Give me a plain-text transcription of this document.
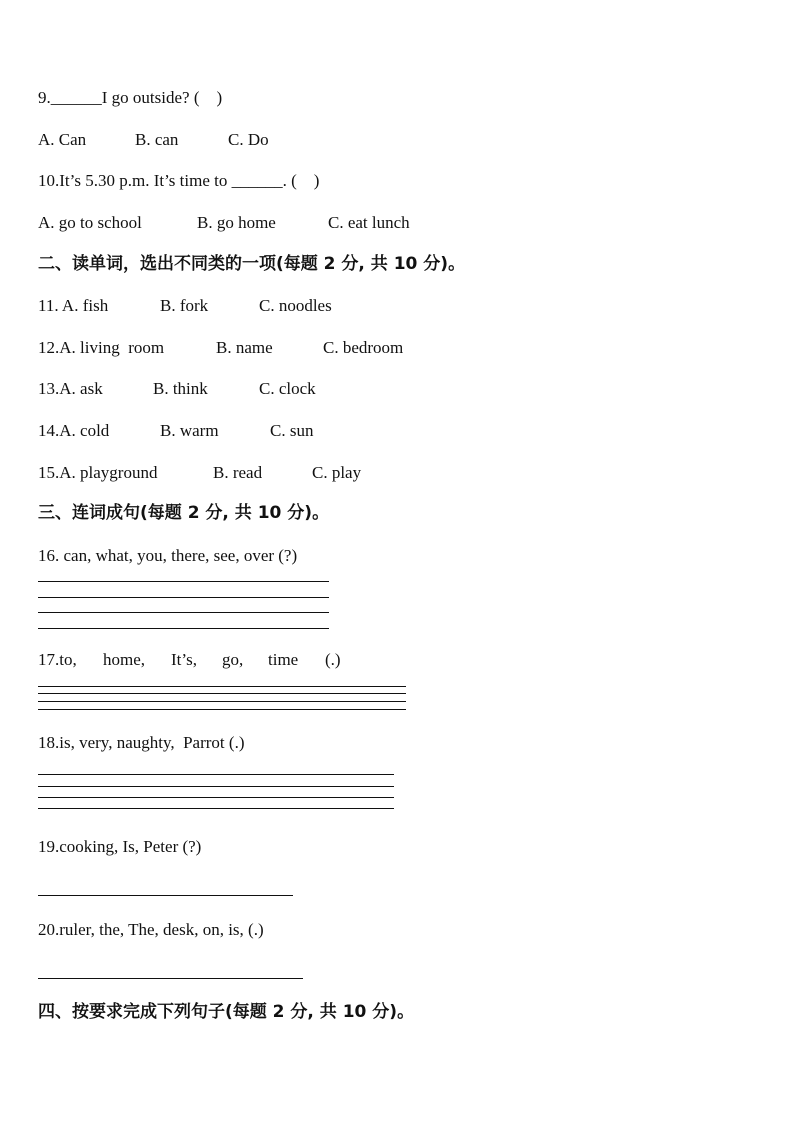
9.______I go outside? (    )
A. Can	B. can	C. Do
10.It’s 5.30 p.m. It’s time to ______. (    )
A. go to school	B. go home	C. eat lunch
二、读单词，选出不同类的一项(每题 2 分, 共 10 分)。
11. A. fish	B. fork	C. noodles
12.A. living  room	B. name	C. bedroom
13.A. ask	B. think	C. clock
14.A. cold	B. warm	C. sun
15.A. playground	B. read	C. play
三、连词成句(每题 2 分, 共 10 分)。
16. can, what, you, there, see, over (?)
17.to, home, It’s, go, time (.)
18.is, very, naughty,  Parrot (.)
19.cooking, Is, Peter (?)
20.ruler, the, The, desk, on, is, (.)
四、按要求完成下列句子(每题 2 分, 共 10 分)。
